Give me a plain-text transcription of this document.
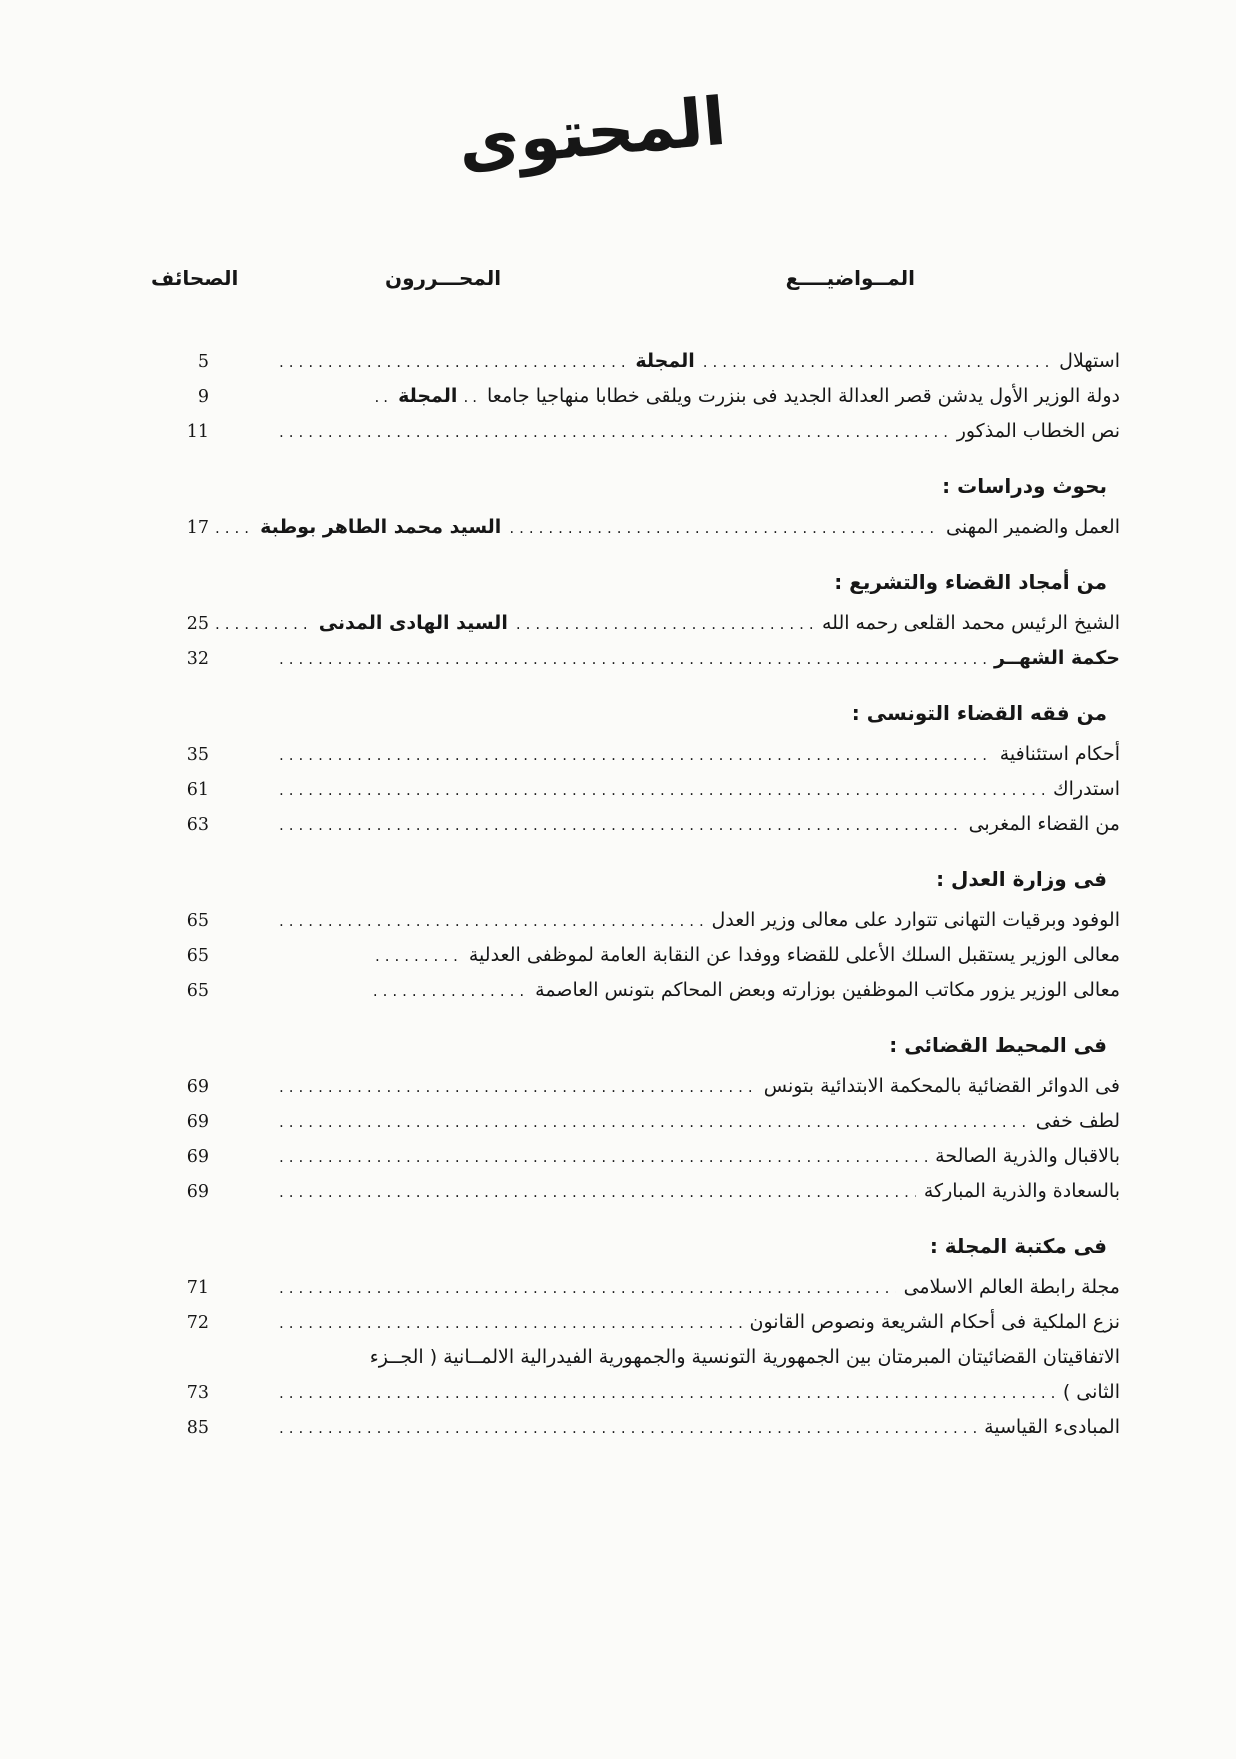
المحتوى
المــواضيــــع
المحـــررون
الصحائف
استهلال
.....
المجلة
.....
5
دولة الوزير الأول يدشن قصر العدالة الجديد فى بنزرت ويلقى خطابا منهاجيا جامعا
..
المجلة
..
9
نص الخطاب المذكور
.....
11
بحوث ودراسات :
العمل والضمير المهنى
.....
السيد محمد الطاهر بوطبة
....
17
من أمجاد القضاء والتشريع :
الشيخ الرئيس محمد القلعى رحمه الله
.....
السيد الهادى المدنى
..........
25
حكمة الشهــر
.....
32
من فقه القضاء التونسى :
أحكام استئنافية
.....
35
استدراك
.....
61
من القضاء المغربى
.....
63
فى وزارة العدل :
الوفود وبرقيات التهانى تتوارد على معالى وزير العدل
.....
65
معالى الوزير يستقبل السلك الأعلى للقضاء ووفدا عن النقابة العامة لموظفى العدلية
.........
65
معالى الوزير يزور مكاتب الموظفين بوزارته وبعض المحاكم بتونس العاصمة
................
65
فى المحيط القضائى :
فى الدوائر القضائية بالمحكمة الابتدائية بتونس
.....
69
لطف خفى
.....
69
بالاقبال والذرية الصالحة
.....
69
بالسعادة والذرية المباركة
.....
69
فى مكتبة المجلة :
مجلة رابطة العالم الاسلامى
.....
71
نزع الملكية فى أحكام الشريعة ونصوص القانون
.....
72
الاتفاقيتان القضائيتان المبرمتان بين الجمهورية التونسية والجمهورية الفيدرالية الالمــانية ( الجــزء
الثانى )
.....
73
المبادىء القياسية
.....
85
